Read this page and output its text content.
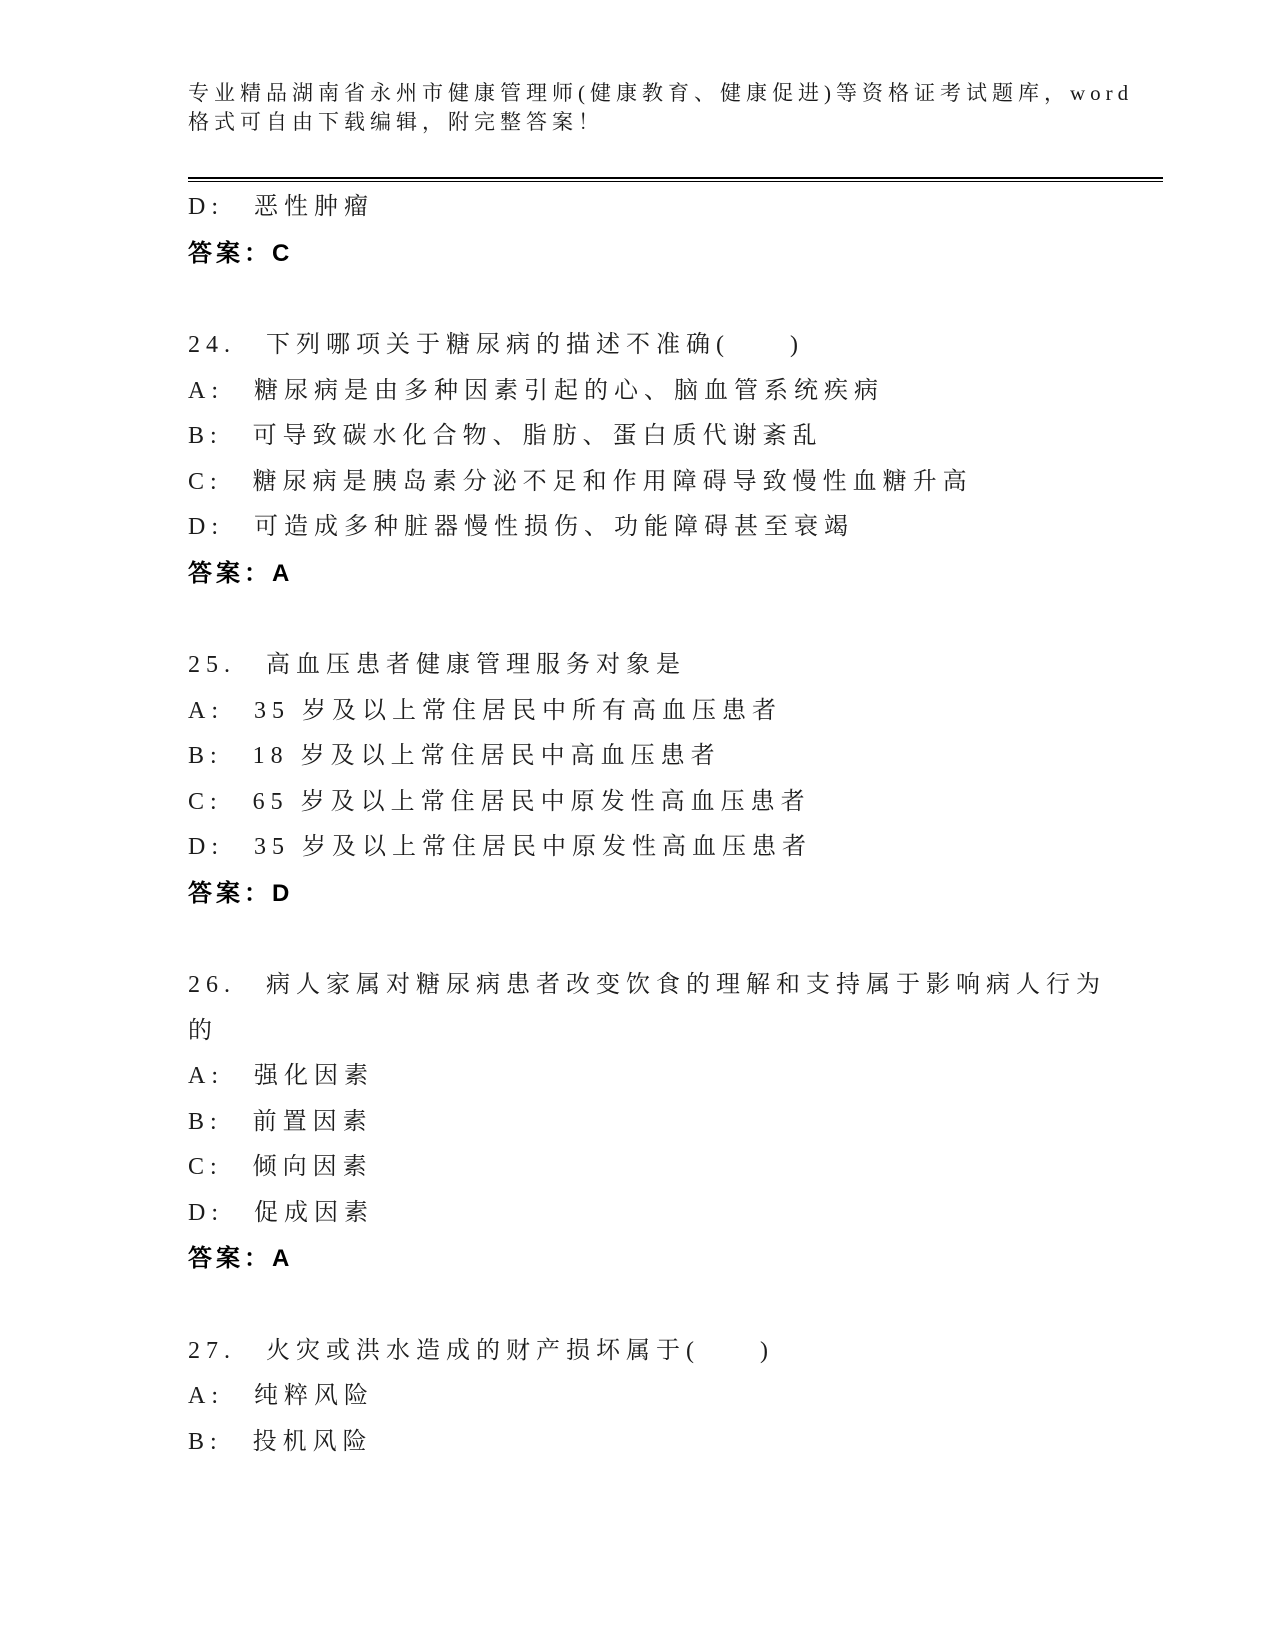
专业精品湖南省永州市健康管理师(健康教育、健康促进)等资格证考试题库，word
格式可自由下载编辑，附完整答案！
D:　恶性肿瘤
答案：C
24.　下列哪项关于糖尿病的描述不准确(　　)
A:　糖尿病是由多种因素引起的心、脑血管系统疾病
B:　可导致碳水化合物、脂肪、蛋白质代谢紊乱
C:　糖尿病是胰岛素分泌不足和作用障碍导致慢性血糖升高
D:　可造成多种脏器慢性损伤、功能障碍甚至衰竭
答案：A
25.　高血压患者健康管理服务对象是
A:　35 岁及以上常住居民中所有高血压患者
B:　18 岁及以上常住居民中高血压患者
C:　65 岁及以上常住居民中原发性高血压患者
D:　35 岁及以上常住居民中原发性高血压患者
答案：D
26.　病人家属对糖尿病患者改变饮食的理解和支持属于影响病人行为
的
A:　强化因素
B:　前置因素
C:　倾向因素
D:　促成因素
答案：A
27.　火灾或洪水造成的财产损坏属于(　　)
A:　纯粹风险
B:　投机风险
